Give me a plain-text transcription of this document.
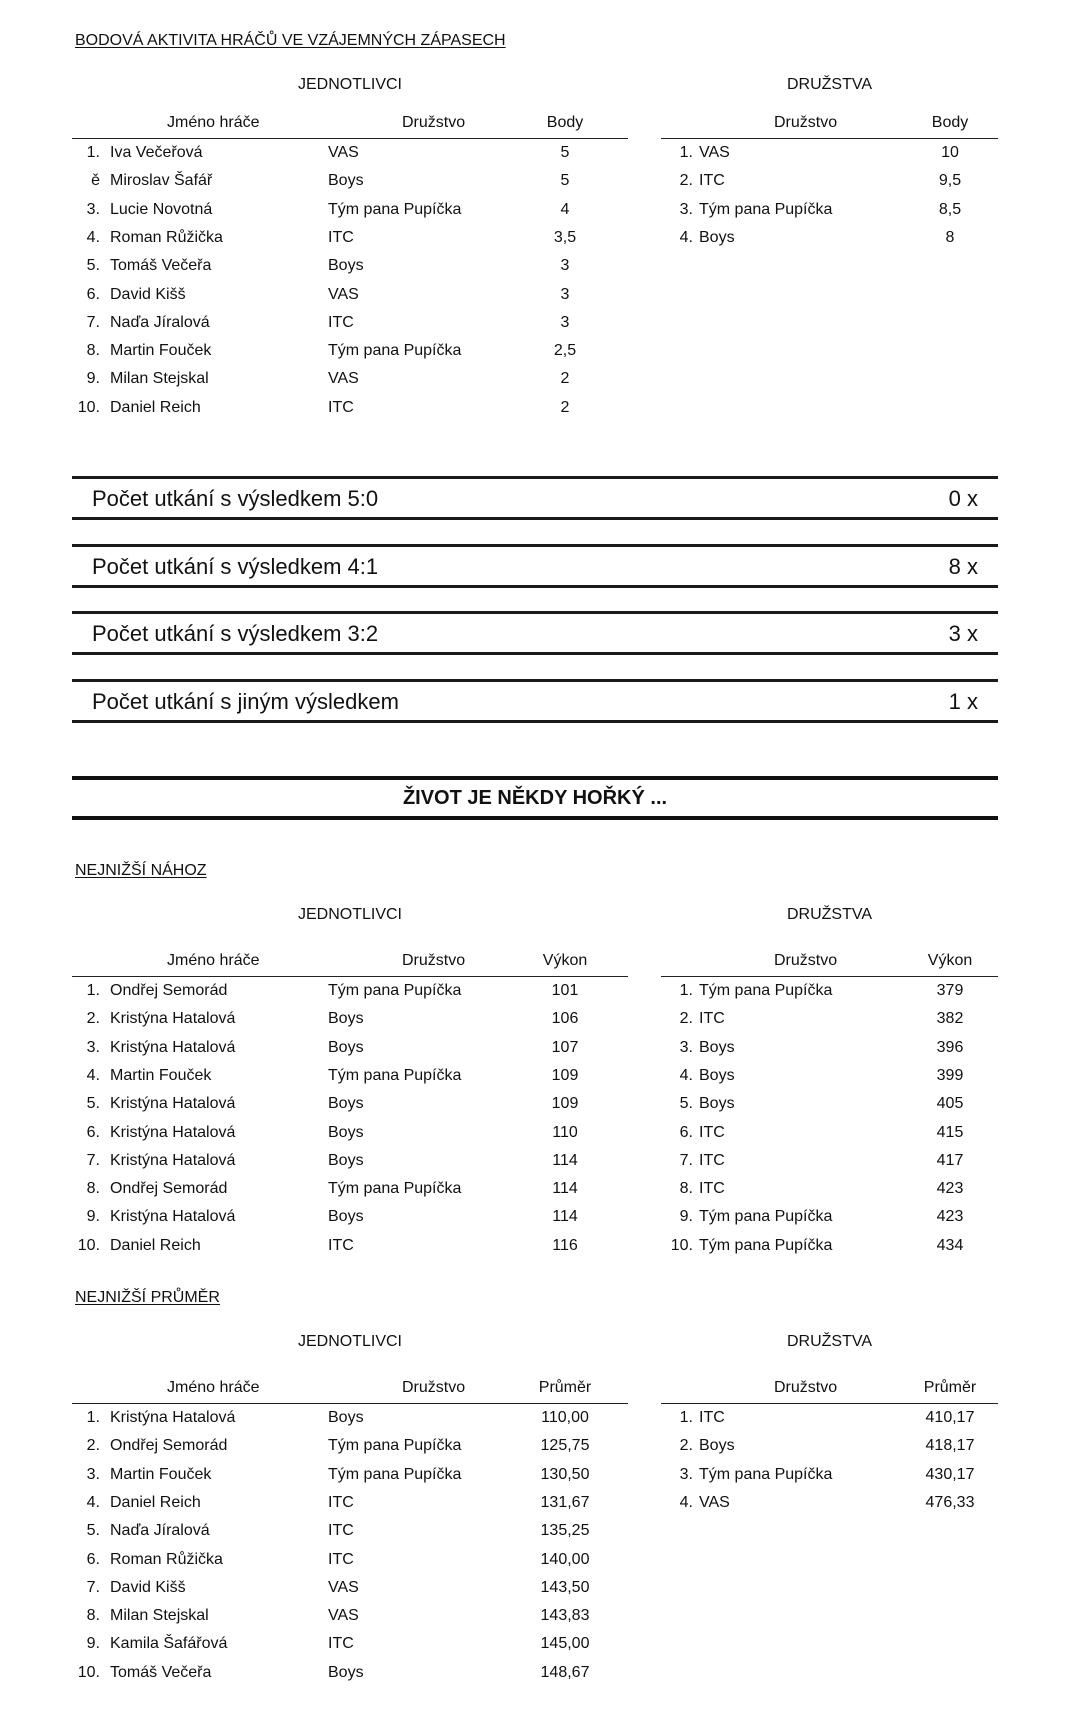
BODOVÁ AKTIVITA HRÁČŮ VE VZÁJEMNÝCH ZÁPASECH
JEDNOTLIVCI	DRUŽSTVA
Jméno hráče	Družstvo	Body
1. Iva Večeřová	VAS	5
ě Miroslav Šafář	Boys	5
3. Lucie Novotná	Tým pana Pupíčka	4
4. Roman Růžička	ITC	3,5
5. Tomáš Večeřa	Boys	3
6. David Kišš	VAS	3
7. Naďa Jíralová	ITC	3
8. Martin Fouček	Tým pana Pupíčka	2,5
9. Milan Stejskal	VAS	2
10. Daniel Reich	ITC	2
Družstvo	Body
1. VAS	10
2. ITC	9,5
3. Tým pana Pupíčka	8,5
4. Boys	8
Počet utkání s výsledkem 5:0	0 x
Počet utkání s výsledkem 4:1	8 x
Počet utkání s výsledkem 3:2	3 x
Počet utkání s jiným výsledkem	1 x
ŽIVOT JE NĚKDY HOŘKÝ ...
NEJNIŽŠÍ NÁHOZ
JEDNOTLIVCI	DRUŽSTVA
Jméno hráče	Družstvo	Výkon
1. Ondřej Semorád	Tým pana Pupíčka	101
2. Kristýna Hatalová	Boys	106
3. Kristýna Hatalová	Boys	107
4. Martin Fouček	Tým pana Pupíčka	109
5. Kristýna Hatalová	Boys	109
6. Kristýna Hatalová	Boys	110
7. Kristýna Hatalová	Boys	114
8. Ondřej Semorád	Tým pana Pupíčka	114
9. Kristýna Hatalová	Boys	114
10. Daniel Reich	ITC	116
Družstvo	Výkon
1. Tým pana Pupíčka	379
2. ITC	382
3. Boys	396
4. Boys	399
5. Boys	405
6. ITC	415
7. ITC	417
8. ITC	423
9. Tým pana Pupíčka	423
10. Tým pana Pupíčka	434
NEJNIŽŠÍ PRŮMĚR
JEDNOTLIVCI	DRUŽSTVA
Jméno hráče	Družstvo	Průměr
1. Kristýna Hatalová	Boys	110,00
2. Ondřej Semorád	Tým pana Pupíčka	125,75
3. Martin Fouček	Tým pana Pupíčka	130,50
4. Daniel Reich	ITC	131,67
5. Naďa Jíralová	ITC	135,25
6. Roman Růžička	ITC	140,00
7. David Kišš	VAS	143,50
8. Milan Stejskal	VAS	143,83
9. Kamila Šafářová	ITC	145,00
10. Tomáš Večeřa	Boys	148,67
Družstvo	Průměr
1. ITC	410,17
2. Boys	418,17
3. Tým pana Pupíčka	430,17
4. VAS	476,33
